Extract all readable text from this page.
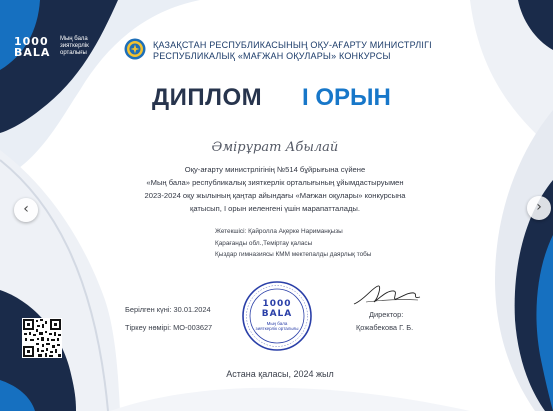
1000
BALA
Мың бала
зияткерлік
орталығы
ҚАЗАҚСТАН РЕСПУБЛИКАСЫНЫҢ ОҚУ-АҒАРТУ МИНИСТРЛІГІ
РЕСПУБЛИКАЛЫҚ «МАҒЖАН ОҚУЛАРЫ» КОНКУРСЫ
ДИПЛОМ I ОРЫН
Әмірұрат Абылай
Оқу-ағарту министрлігінің №514 бұйрығына сүйене
«Мың бала» республикалық зияткерлік орталығының ұйымдастыруымен
2023-2024 оқу жылының қаңтар айындағы «Мағжан оқулары» конкурсына
қатысып, I орын иеленгені үшін марапатталады.
Жетекшісі: Қайролла Ақерке Нариманқызы
Қарағанды обл.,Теміртау қаласы
Қыздар гимназиясы КММ мектепалды даярлық тобы
Берілген күні: 30.01.2024
Тіркеу нөмірі: МО-003627
1000
BALA
Мың бала
зияткерлік орталығы
Директор:
Қожабекова Г. Б.
Астана қаласы, 2024 жыл
‹	›
